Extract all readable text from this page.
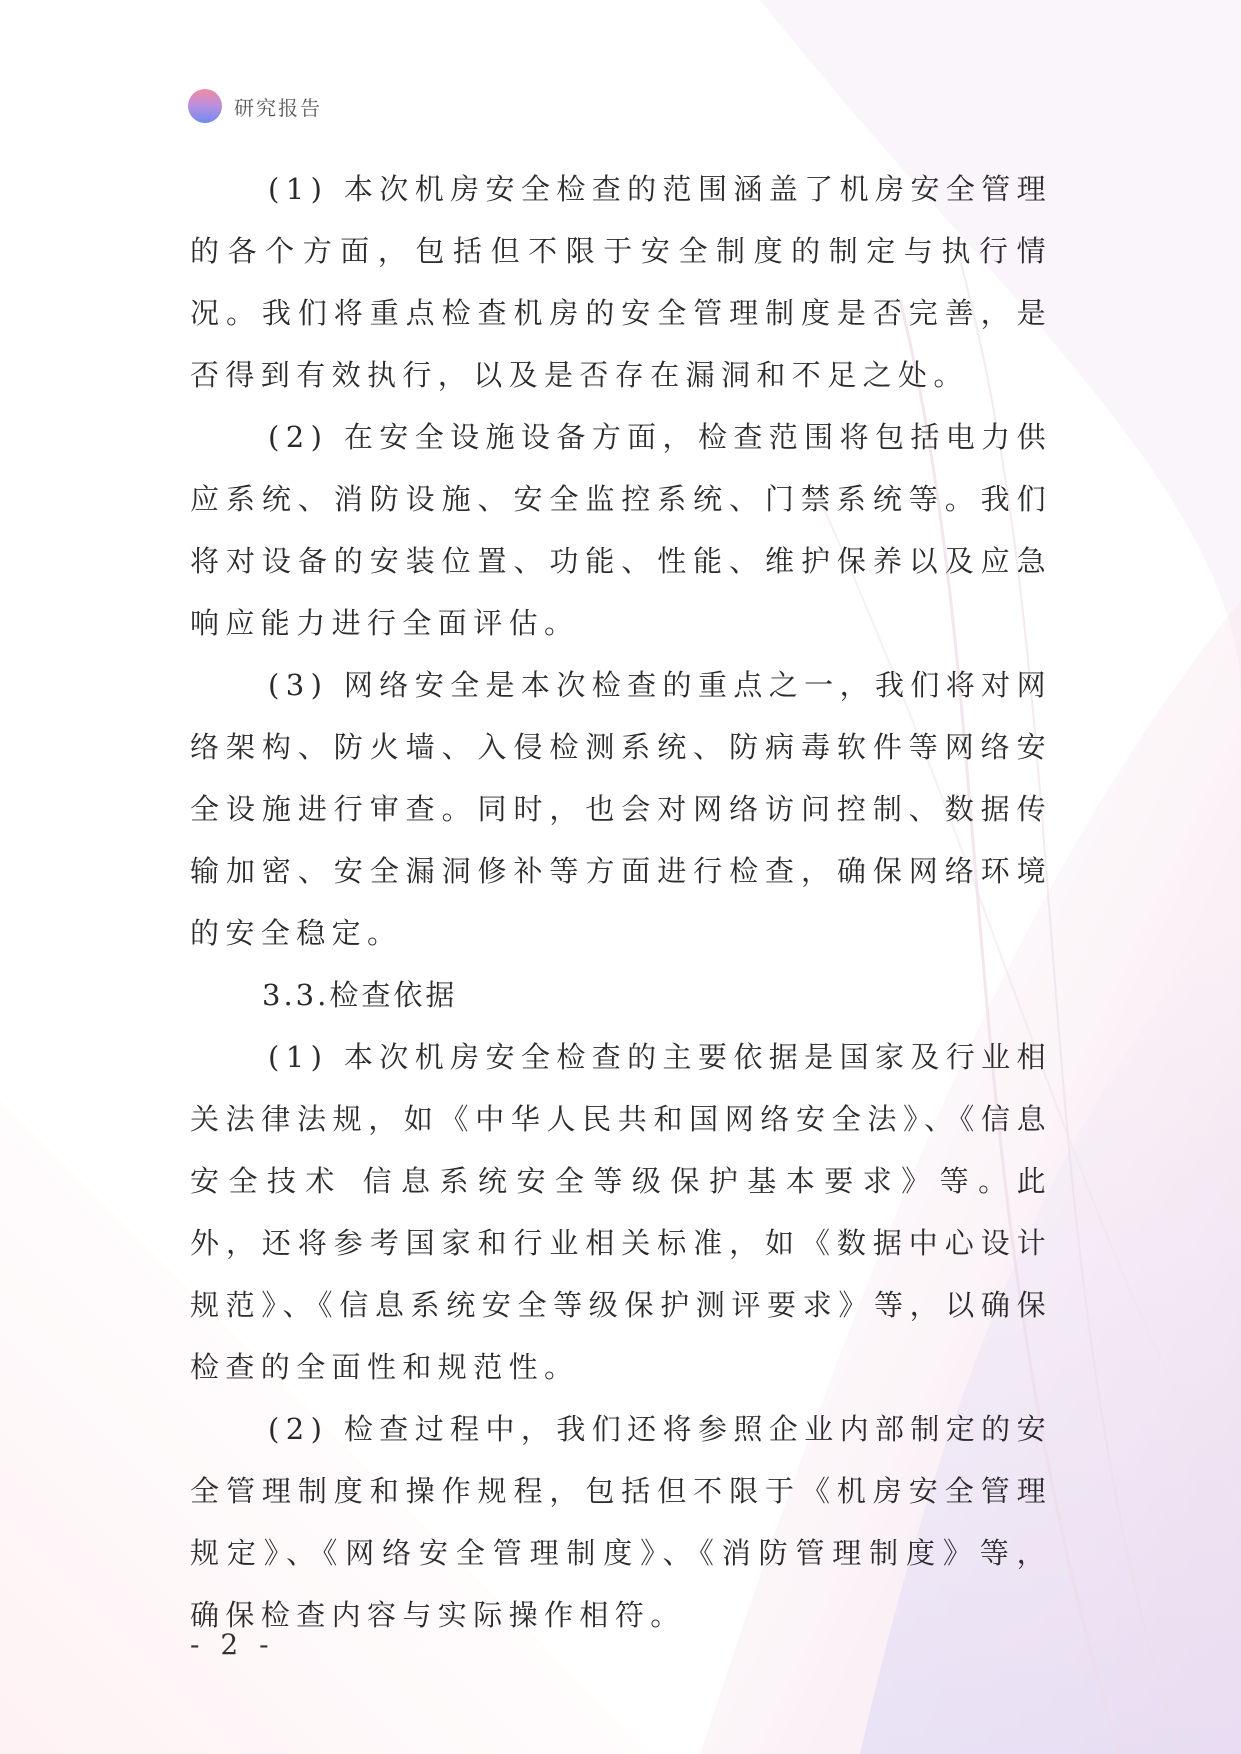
研究报告

(1) 本次机房安全检查的范围涵盖了机房安全管理的各个方面，包括但不限于安全制度的制定与执行情况。我们将重点检查机房的安全管理制度是否完善，是否得到有效执行，以及是否存在漏洞和不足之处。

(2) 在安全设施设备方面，检查范围将包括电力供应系统、消防设施、安全监控系统、门禁系统等。我们将对设备的安装位置、功能、性能、维护保养以及应急响应能力进行全面评估。

(3) 网络安全是本次检查的重点之一，我们将对网络架构、防火墙、入侵检测系统、防病毒软件等网络安全设施进行审查。同时，也会对网络访问控制、数据传输加密、安全漏洞修补等方面进行检查，确保网络环境的安全稳定。

3.3.检查依据

(1) 本次机房安全检查的主要依据是国家及行业相关法律法规，如《中华人民共和国网络安全法》、《信息安全技术 信息系统安全等级保护基本要求》等。此外，还将参考国家和行业相关标准，如《数据中心设计规范》、《信息系统安全等级保护测评要求》等，以确保检查的全面性和规范性。

(2) 检查过程中，我们还将参照企业内部制定的安全管理制度和操作规程，包括但不限于《机房安全管理规定》、《网络安全管理制度》、《消防管理制度》等，确保检查内容与实际操作相符。

- 2 -
